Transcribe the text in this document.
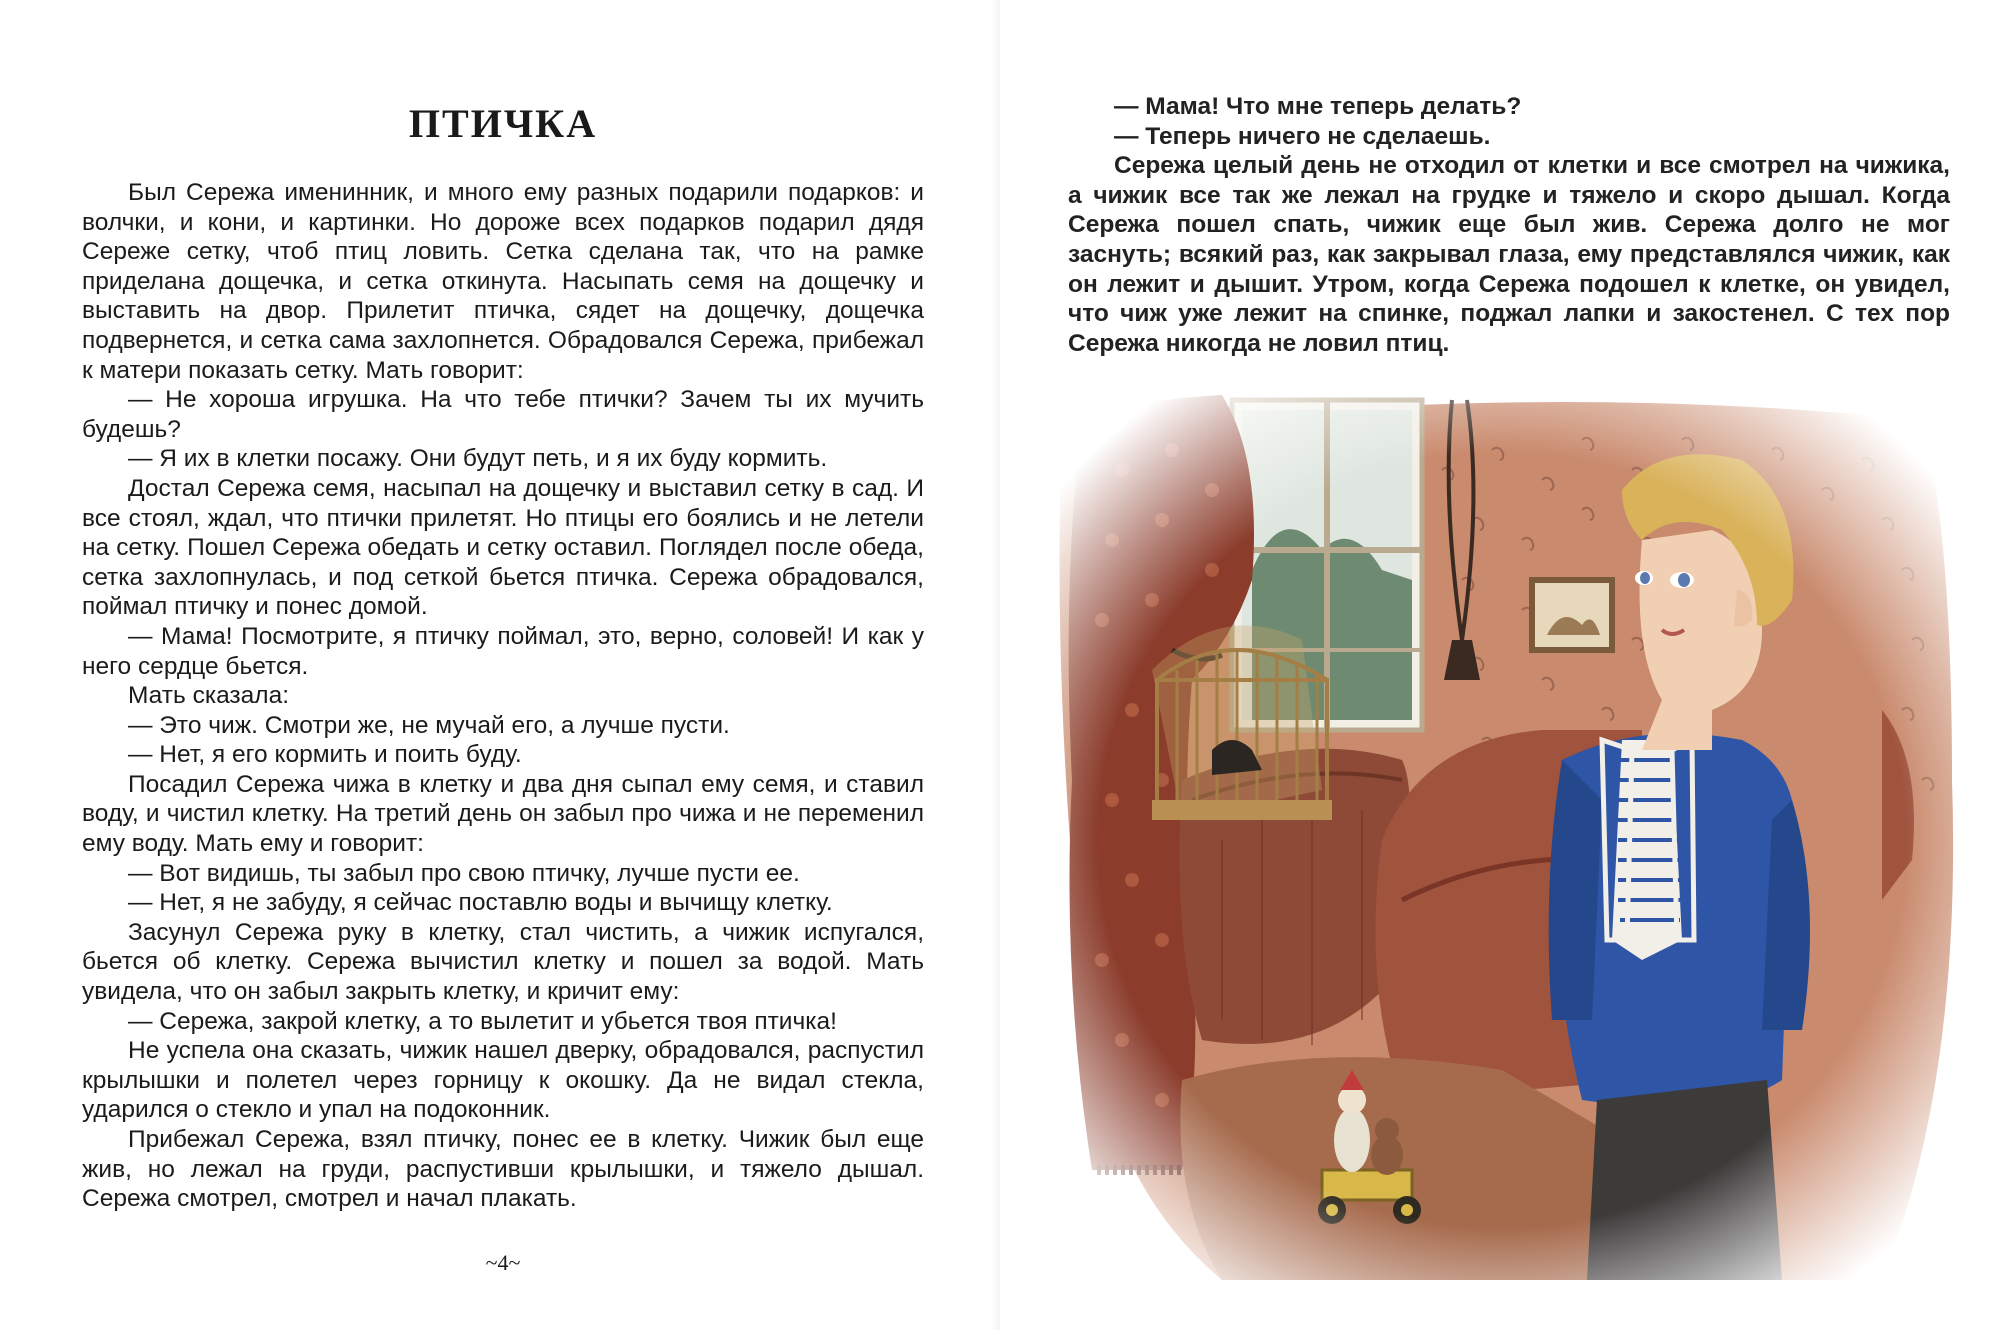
ПТИЧКА

Был Сережа именинник, и много ему разных подарили подарков: и волчки, и кони, и картинки. Но дороже всех подарков подарил дядя Сереже сетку, чтоб птиц ловить. Сетка сделана так, что на рамке приделана дощечка, и сетка откинута. Насыпать семя на дощечку и выставить на двор. Прилетит птичка, сядет на дощечку, дощечка подвернется, и сетка сама захлопнется. Обрадовался Сережа, прибежал к матери показать сетку. Мать говорит:

— Не хороша игрушка. На что тебе птички? Зачем ты их мучить будешь?

— Я их в клетки посажу. Они будут петь, и я их буду кормить.

Достал Сережа семя, насыпал на дощечку и выставил сетку в сад. И все стоял, ждал, что птички прилетят. Но птицы его боялись и не летели на сетку. Пошел Сережа обедать и сетку оставил. Поглядел после обеда, сетка захлопнулась, и под сеткой бьется птичка. Сережа обрадовался, поймал птичку и понес домой.

— Мама! Посмотрите, я птичку поймал, это, верно, соловей! И как у него сердце бьется.

Мать сказала:

— Это чиж. Смотри же, не мучай его, а лучше пусти.

— Нет, я его кормить и поить буду.

Посадил Сережа чижа в клетку и два дня сыпал ему семя, и ставил воду, и чистил клетку. На третий день он забыл про чижа и не переменил ему воду. Мать ему и говорит:

— Вот видишь, ты забыл про свою птичку, лучше пусти ее.

— Нет, я не забуду, я сейчас поставлю воды и вычищу клетку.

Засунул Сережа руку в клетку, стал чистить, а чижик испугался, бьется об клетку. Сережа вычистил клетку и пошел за водой. Мать увидела, что он забыл закрыть клетку, и кричит ему:

— Сережа, закрой клетку, а то вылетит и убьется твоя птичка!

Не успела она сказать, чижик нашел дверку, обрадовался, распустил крылышки и полетел через горницу к окошку. Да не видал стекла, ударился о стекло и упал на подоконник.

Прибежал Сережа, взял птичку, понес ее в клетку. Чижик был еще жив, но лежал на груди, распустивши крылышки, и тяжело дышал. Сережа смотрел, смотрел и начал плакать.

~4~

— Мама! Что мне теперь делать?

— Теперь ничего не сделаешь.

Сережа целый день не отходил от клетки и все смотрел на чижика, а чижик все так же лежал на грудке и тяжело и скоро дышал. Когда Сережа пошел спать, чижик еще был жив. Сережа долго не мог заснуть; всякий раз, как закрывал глаза, ему представлялся чижик, как он лежит и дышит. Утром, когда Сережа подошел к клетке, он увидел, что чиж уже лежит на спинке, поджал лапки и закостенел. С тех пор Сережа никогда не ловил птиц.
